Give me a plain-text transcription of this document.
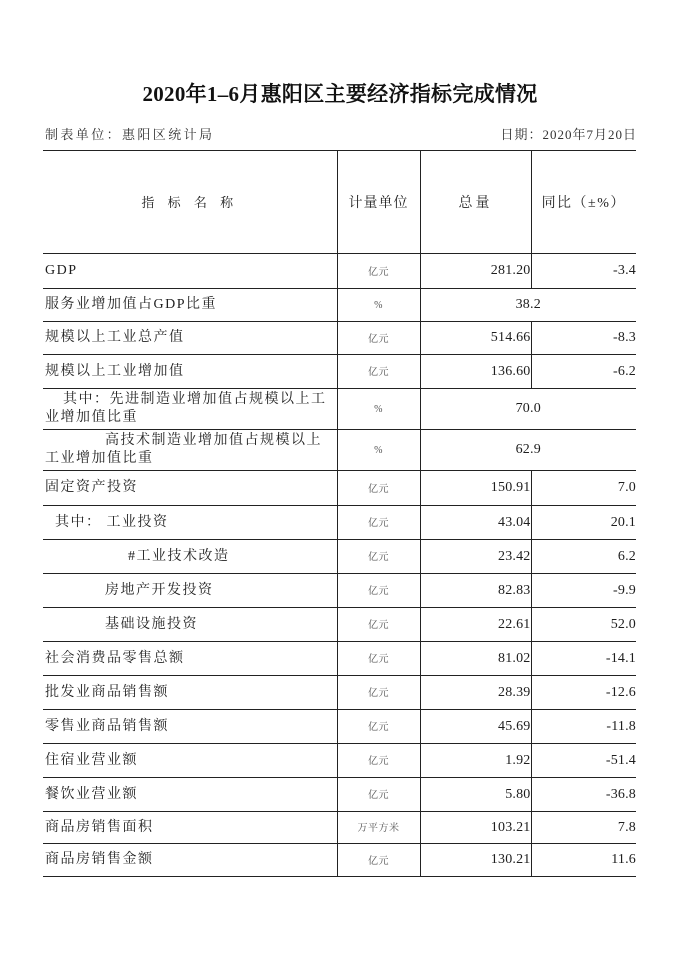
2020年1–6月惠阳区主要经济指标完成情况
制表单位：惠阳区统计局	日期：2020年7月20日
指 标 名 称	计量单位	总量	同比（±%）

GDP	亿元	281.20	-3.4

服务业增加值占GDP比重	%	38.2	

规模以上工业总产值	亿元	514.66	-8.3

规模以上工业增加值	亿元	136.60	-6.2

其中：先进制造业增加值占规模以上工业增加值比重	%	70.0	

高技术制造业增加值占规模以上工业增加值比重	%	62.9	

固定资产投资	亿元	150.91	7.0

其中： 工业投资	亿元	43.04	20.1

#工业技术改造	亿元	23.42	6.2

房地产开发投资	亿元	82.83	-9.9

基础设施投资	亿元	22.61	52.0

社会消费品零售总额	亿元	81.02	-14.1

批发业商品销售额	亿元	28.39	-12.6

零售业商品销售额	亿元	45.69	-11.8

住宿业营业额	亿元	1.92	-51.4

餐饮业营业额	亿元	5.80	-36.8

商品房销售面积	万平方米	103.21	7.8

商品房销售金额	亿元	130.21	11.6
